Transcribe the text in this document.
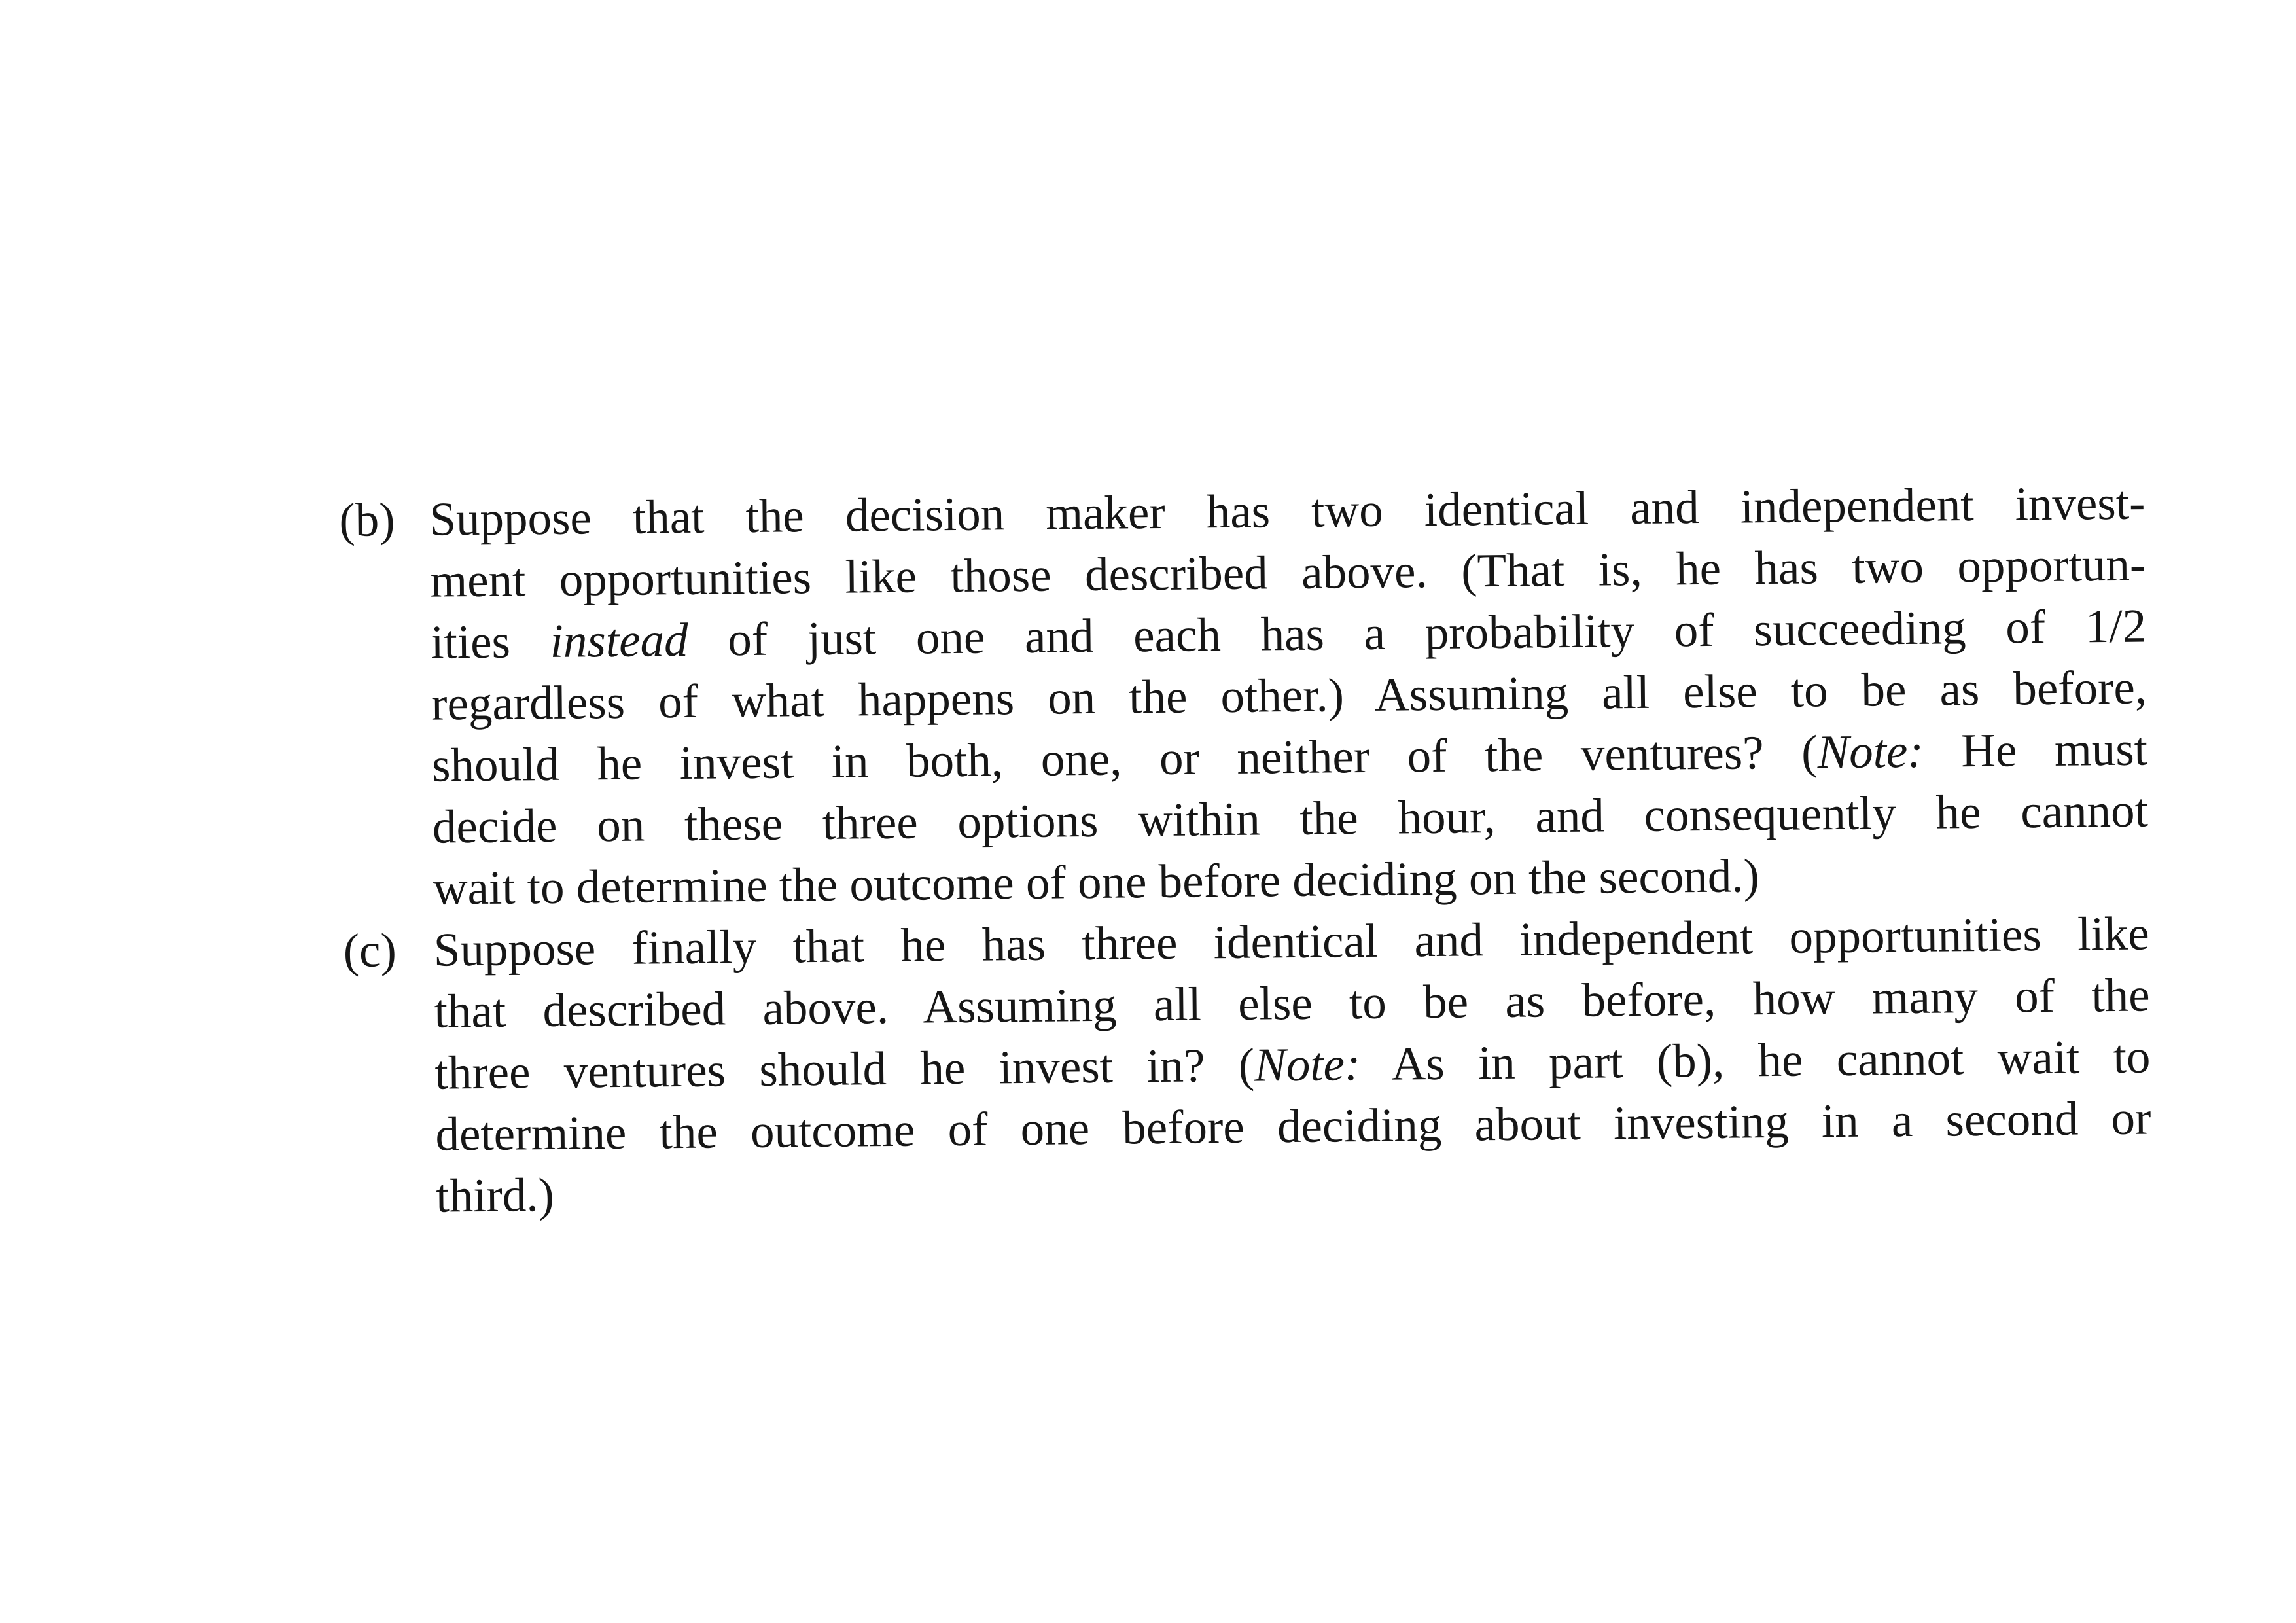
(b) Suppose that the decision maker has two identical and independent invest-
ment opportunities like those described above. (That is, he has two opportun-
ities instead of just one and each has a probability of succeeding of 1/2
regardless of what happens on the other.) Assuming all else to be as before,
should he invest in both, one, or neither of the ventures? (Note: He must
decide on these three options within the hour, and consequently he cannot
wait to determine the outcome of one before deciding on the second.)
(c) Suppose finally that he has three identical and independent opportunities like
that described above. Assuming all else to be as before, how many of the
three ventures should he invest in? (Note: As in part (b), he cannot wait to
determine the outcome of one before deciding about investing in a second or
third.)
